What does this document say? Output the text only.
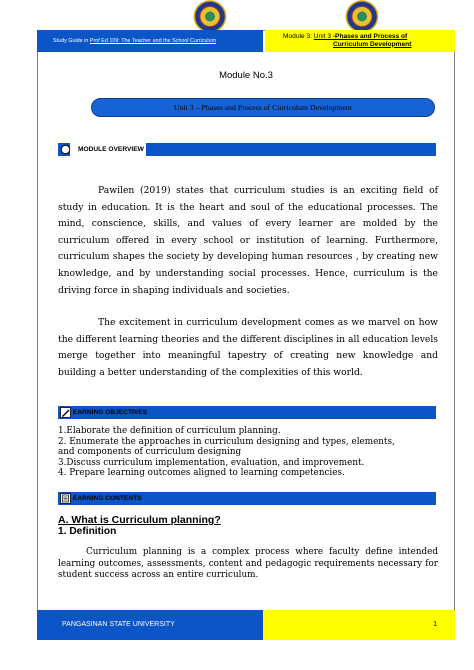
Study Guide in Prof Ed 109: The Teacher and the School Curriculum
Module 3: Unit 3 -Phases and Process of
Curriculum Development
Module No.3
Unit 3 – Phases and Process of Curriculum Development
MODULE OVERVIEW
Pawilen (2019) states that curriculum studies is an exciting field of study in education. It is the heart and soul of the educational processes. The mind, conscience, skills, and values of every learner are molded by the curriculum offered in every school or institution of learning. Furthermore, curriculum shapes the society by developing human resources , by creating new knowledge, and by understanding social processes. Hence, curriculum is the driving force in shaping individuals and societies.
The excitement in curriculum development comes as we marvel on how the different learning theories and the different disciplines in all education levels merge together into meaningful tapestry of creating new knowledge and building a better understanding of the complexities of this world.
EARNING OBJECTIVES
1.Elaborate the definition of curriculum planning.
2. Enumerate the approaches in curriculum designing and types, elements,
and components of curriculum designing
3.Discuss curriculum implementation, evaluation, and improvement.
4. Prepare learning outcomes aligned to learning competencies.
EARNING CONTENTS
A. What is Curriculum planning?
1. Definition
Curriculum planning is a complex process where faculty define intended learning outcomes, assessments, content and pedagogic requirements necessary for student success across an entire curriculum.
PANGASINAN STATE UNIVERSITY	1
